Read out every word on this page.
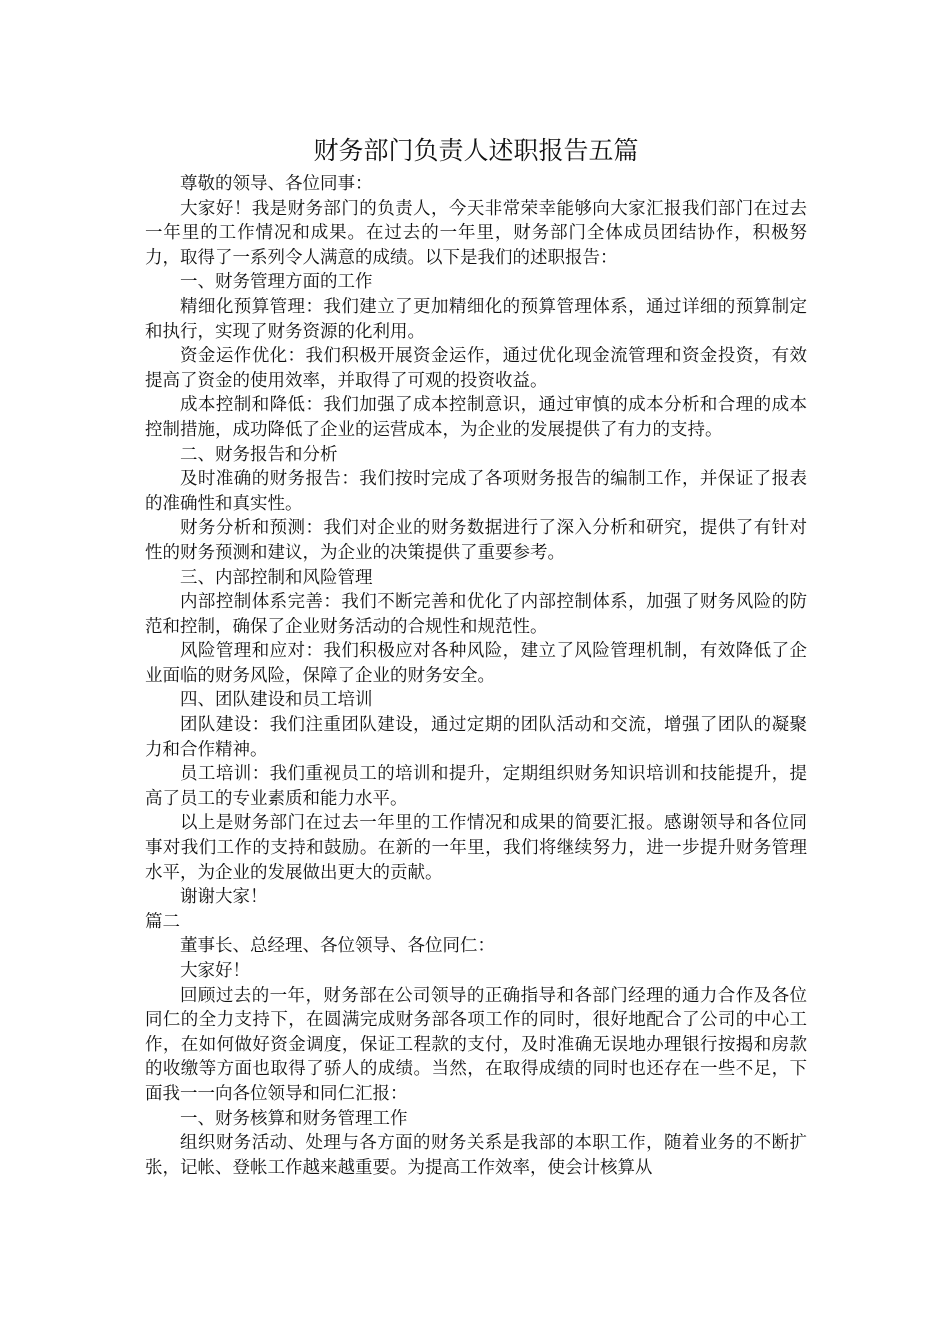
财务部门负责人述职报告五篇

尊敬的领导、各位同事：

大家好！我是财务部门的负责人，今天非常荣幸能够向大家汇报我们部门在过去一年里的工作情况和成果。在过去的一年里，财务部门全体成员团结协作，积极努力，取得了一系列令人满意的成绩。以下是我们的述职报告：

一、财务管理方面的工作

精细化预算管理：我们建立了更加精细化的预算管理体系，通过详细的预算制定和执行，实现了财务资源的化利用。

资金运作优化：我们积极开展资金运作，通过优化现金流管理和资金投资，有效提高了资金的使用效率，并取得了可观的投资收益。

成本控制和降低：我们加强了成本控制意识，通过审慎的成本分析和合理的成本控制措施，成功降低了企业的运营成本，为企业的发展提供了有力的支持。

二、财务报告和分析

及时准确的财务报告：我们按时完成了各项财务报告的编制工作，并保证了报表的准确性和真实性。

财务分析和预测：我们对企业的财务数据进行了深入分析和研究，提供了有针对性的财务预测和建议，为企业的决策提供了重要参考。

三、内部控制和风险管理

内部控制体系完善：我们不断完善和优化了内部控制体系，加强了财务风险的防范和控制，确保了企业财务活动的合规性和规范性。

风险管理和应对：我们积极应对各种风险，建立了风险管理机制，有效降低了企业面临的财务风险，保障了企业的财务安全。

四、团队建设和员工培训

团队建设：我们注重团队建设，通过定期的团队活动和交流，增强了团队的凝聚力和合作精神。

员工培训：我们重视员工的培训和提升，定期组织财务知识培训和技能提升，提高了员工的专业素质和能力水平。

以上是财务部门在过去一年里的工作情况和成果的简要汇报。感谢领导和各位同事对我们工作的支持和鼓励。在新的一年里，我们将继续努力，进一步提升财务管理水平，为企业的发展做出更大的贡献。

谢谢大家！

篇二

董事长、总经理、各位领导、各位同仁：

大家好！

回顾过去的一年，财务部在公司领导的正确指导和各部门经理的通力合作及各位同仁的全力支持下，在圆满完成财务部各项工作的同时，很好地配合了公司的中心工作，在如何做好资金调度，保证工程款的支付，及时准确无误地办理银行按揭和房款的收缴等方面也取得了骄人的成绩。当然，在取得成绩的同时也还存在一些不足，下面我一一向各位领导和同仁汇报：

一、财务核算和财务管理工作

组织财务活动、处理与各方面的财务关系是我部的本职工作，随着业务的不断扩张，记帐、登帐工作越来越重要。为提高工作效率，使会计核算从
